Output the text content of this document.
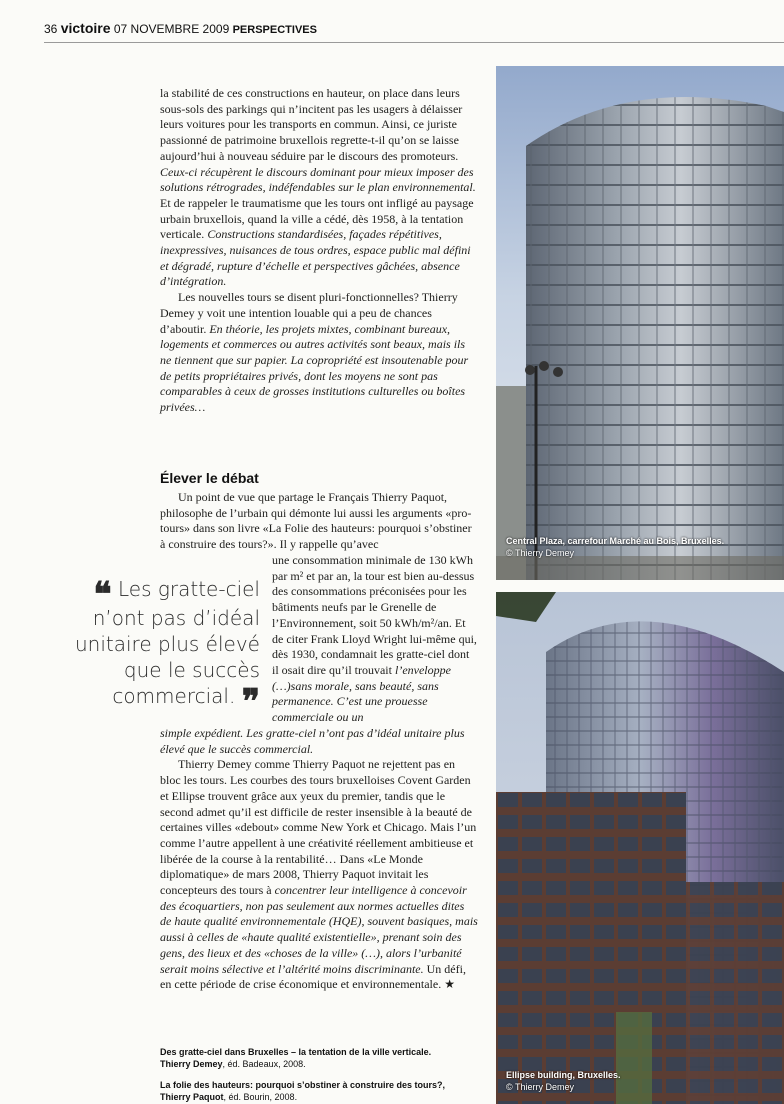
36 victoire 07 NOVEMBRE 2009 PERSPECTIVES

la stabilité de ces constructions en hauteur, on place dans leurs sous-sols des parkings qui n’incitent pas les usagers à délaisser leurs voitures pour les transports en commun. Ainsi, ce juriste passionné de patrimoine bruxellois regrette-t-il qu’on se laisse aujourd’hui à nouveau séduire par le discours des promoteurs. Ceux-ci récupèrent le discours dominant pour mieux imposer des solutions rétrogrades, indéfendables sur le plan environnemental. Et de rappeler le traumatisme que les tours ont infligé au paysage urbain bruxellois, quand la ville a cédé, dès 1958, à la tentation verticale. Constructions standardisées, façades répétitives, inexpressives, nuisances de tous ordres, espace public mal défini et dégradé, rupture d’échelle et perspectives gâchées, absence d’intégration.

Les nouvelles tours se disent pluri-fonctionnelles? Thierry Demey y voit une intention louable qui a peu de chances d’aboutir. En théorie, les projets mixtes, combinant bureaux, logements et commerces ou autres activités sont beaux, mais ils ne tiennent que sur papier. La copropriété est insoutenable pour de petits propriétaires privés, dont les moyens ne sont pas comparables à ceux de grosses institutions culturelles ou boîtes privées…

Élever le débat
Un point de vue que partage le Français Thierry Paquot, philosophe de l’urbain qui démonte lui aussi les arguments «pro-tours» dans son livre «La Folie des hauteurs: pourquoi s’obstiner à construire des tours?». Il y rappelle qu’avec
une consommation minimale de 130 kWh par m² et par an, la tour est bien au-dessus des consommations préconisées pour les bâtiments neufs par le Grenelle de l’Environnement, soit 50 kWh/m²/an. Et de citer Frank Lloyd Wright lui-même qui, dès 1930, condamnait les gratte-ciel dont il osait dire qu’il trouvait l’enveloppe (…)sans morale, sans beauté, sans permanence. C’est une prouesse commerciale ou un

simple expédient. Les gratte-ciel n’ont pas d’idéal unitaire plus élevé que le succès commercial.

Thierry Demey comme Thierry Paquot ne rejettent pas en bloc les tours. Les courbes des tours bruxelloises Covent Garden et Ellipse trouvent grâce aux yeux du premier, tandis que le second admet qu’il est difficile de rester insensible à la beauté de certaines villes «debout» comme New York et Chicago. Mais l’un comme l’autre appellent à une créativité réellement ambitieuse et libérée de la course à la rentabilité… Dans «Le Monde diplomatique» de mars 2008, Thierry Paquot invitait les concepteurs des tours à concentrer leur intelligence à concevoir des écoquartiers, non pas seulement aux normes actuelles dites de haute qualité environnementale (HQE), souvent basiques, mais aussi à celles de «haute qualité existentielle», prenant soin des gens, des lieux et des «choses de la ville» (…), alors l’urbanité serait moins sélective et l’altérité moins discriminante. Un défi, en cette période de crise économique et environnementale. ★

❝ Les gratte-ciel n’ont pas d’idéal unitaire plus élevé que le succès commercial. ❞
Des gratte-ciel dans Bruxelles – la tentation de la ville verticale.
Thierry Demey, éd. Badeaux, 2008.
La folie des hauteurs: pourquoi s’obstiner à construire des tours?,
Thierry Paquot, éd. Bourin, 2008.
Central Plaza, carrefour Marché au Bois, Bruxelles.
© Thierry Demey
Ellipse building, Bruxelles.
© Thierry Demey
